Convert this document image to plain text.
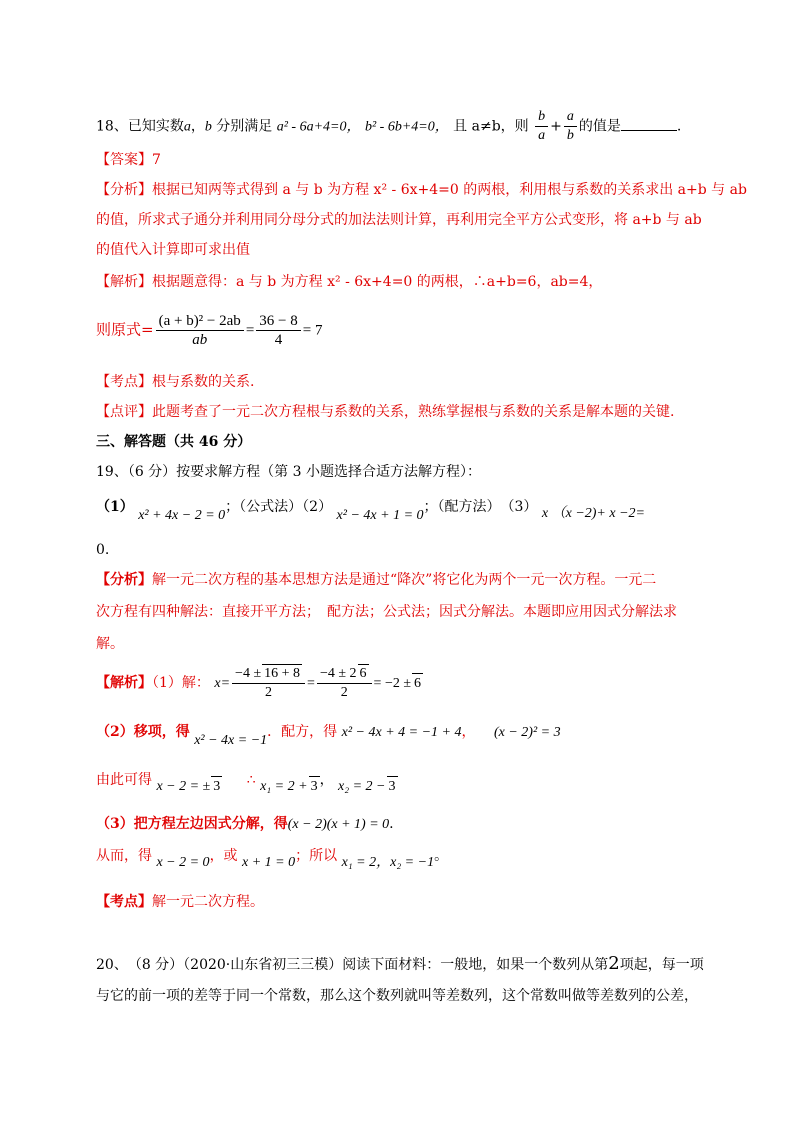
18、已知实数a，b 分别满足 a² - 6a+4=0， b² - 6b+4=0， 且 a≠b，则 $\frac{b}{a} + \frac{a}{b}$ 的值是	.
【答案】7
【分析】根据已知两等式得到 a 与 b 为方程 x² - 6x+4=0 的两根，利用根与系数的关系求出 a+b 与 ab
的值，所求式子通分并利用同分母分式的加法法则计算，再利用完全平方公式变形，将 a+b 与 ab
的值代入计算即可求出值
【解析】根据题意得：a 与 b 为方程 x² - 6x+4=0 的两根，∴a+b=6，ab=4，
则原式= $\frac{\text{(a + b)² − 2ab}}{ab} = \frac{36 - 8}{4} = 7$
【考点】根与系数的关系.
【点评】此题考查了一元二次方程根与系数的关系，熟练掌握根与系数的关系是解本题的关键.
三、解答题（共 46 分）
19、（6 分）按要求解方程（第 3 小题选择合适方法解方程）：
（1） x² + 4x − 2 = 0；（公式法）（2） x² − 4x + 1 = 0；（配方法）　（3） x （x −2)+ x −2=
0.
【分析】解一元二次方程的基本思想方法是通过“降次”将它化为两个一元一次方程。一元二
次方程有四种解法：直接开平方法；　配方法；公式法；因式分解法。本题即应用因式分解法求
解。
【解析】（1）解： $x= \frac{-4 \pm 16 + 8}{2} = \frac{-4 \pm 2 6}{2} = -2 \pm 6$
（2）移项，得 x² − 4x = −1．配方，得 x² − 4x + 4 = −1 + 4， (x − 2)² = 3
由此可得 x − 2 = ± 3 ∴ x₁ = 2 + 3 ， x₂ = 2 − 3
（3）把方程左边因式分解，得(x − 2)(x + 1) = 0.
从而，得 x − 2 = 0，或 x + 1 = 0；所以 x₁ = 2，x₂ = −1。
【考点】解一元二次方程。
20、　（8 分）（2020·山东省初三三模）阅读下面材料：一般地，如果一个数列从第2项起，每一项
与它的前一项的差等于同一个常数，那么这个数列就叫等差数列，这个常数叫做等差数列的公差，
